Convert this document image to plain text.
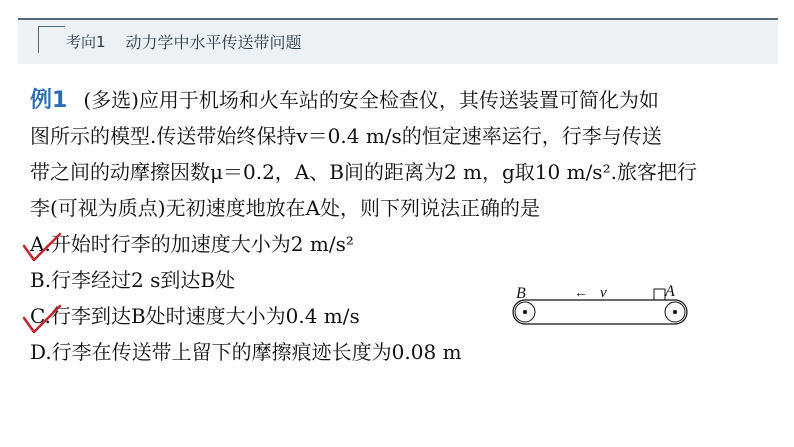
考向1 动力学中水平传送带问题
例1 (多选)应用于机场和火车站的安全检查仪，其传送装置可简化为如
图所示的模型.传送带始终保持v＝0.4 m/s的恒定速率运行，行李与传送
带之间的动摩擦因数μ＝0.2，A、B间的距离为2 m，g取10 m/s².旅客把行
李(可视为质点)无初速度地放在A处，则下列说法正确的是
A.开始时行李的加速度大小为2 m/s²
B.行李经过2 s到达B处
C.行李到达B处时速度大小为0.4 m/s
D.行李在传送带上留下的摩擦痕迹长度为0.08 m
B	A
← v
